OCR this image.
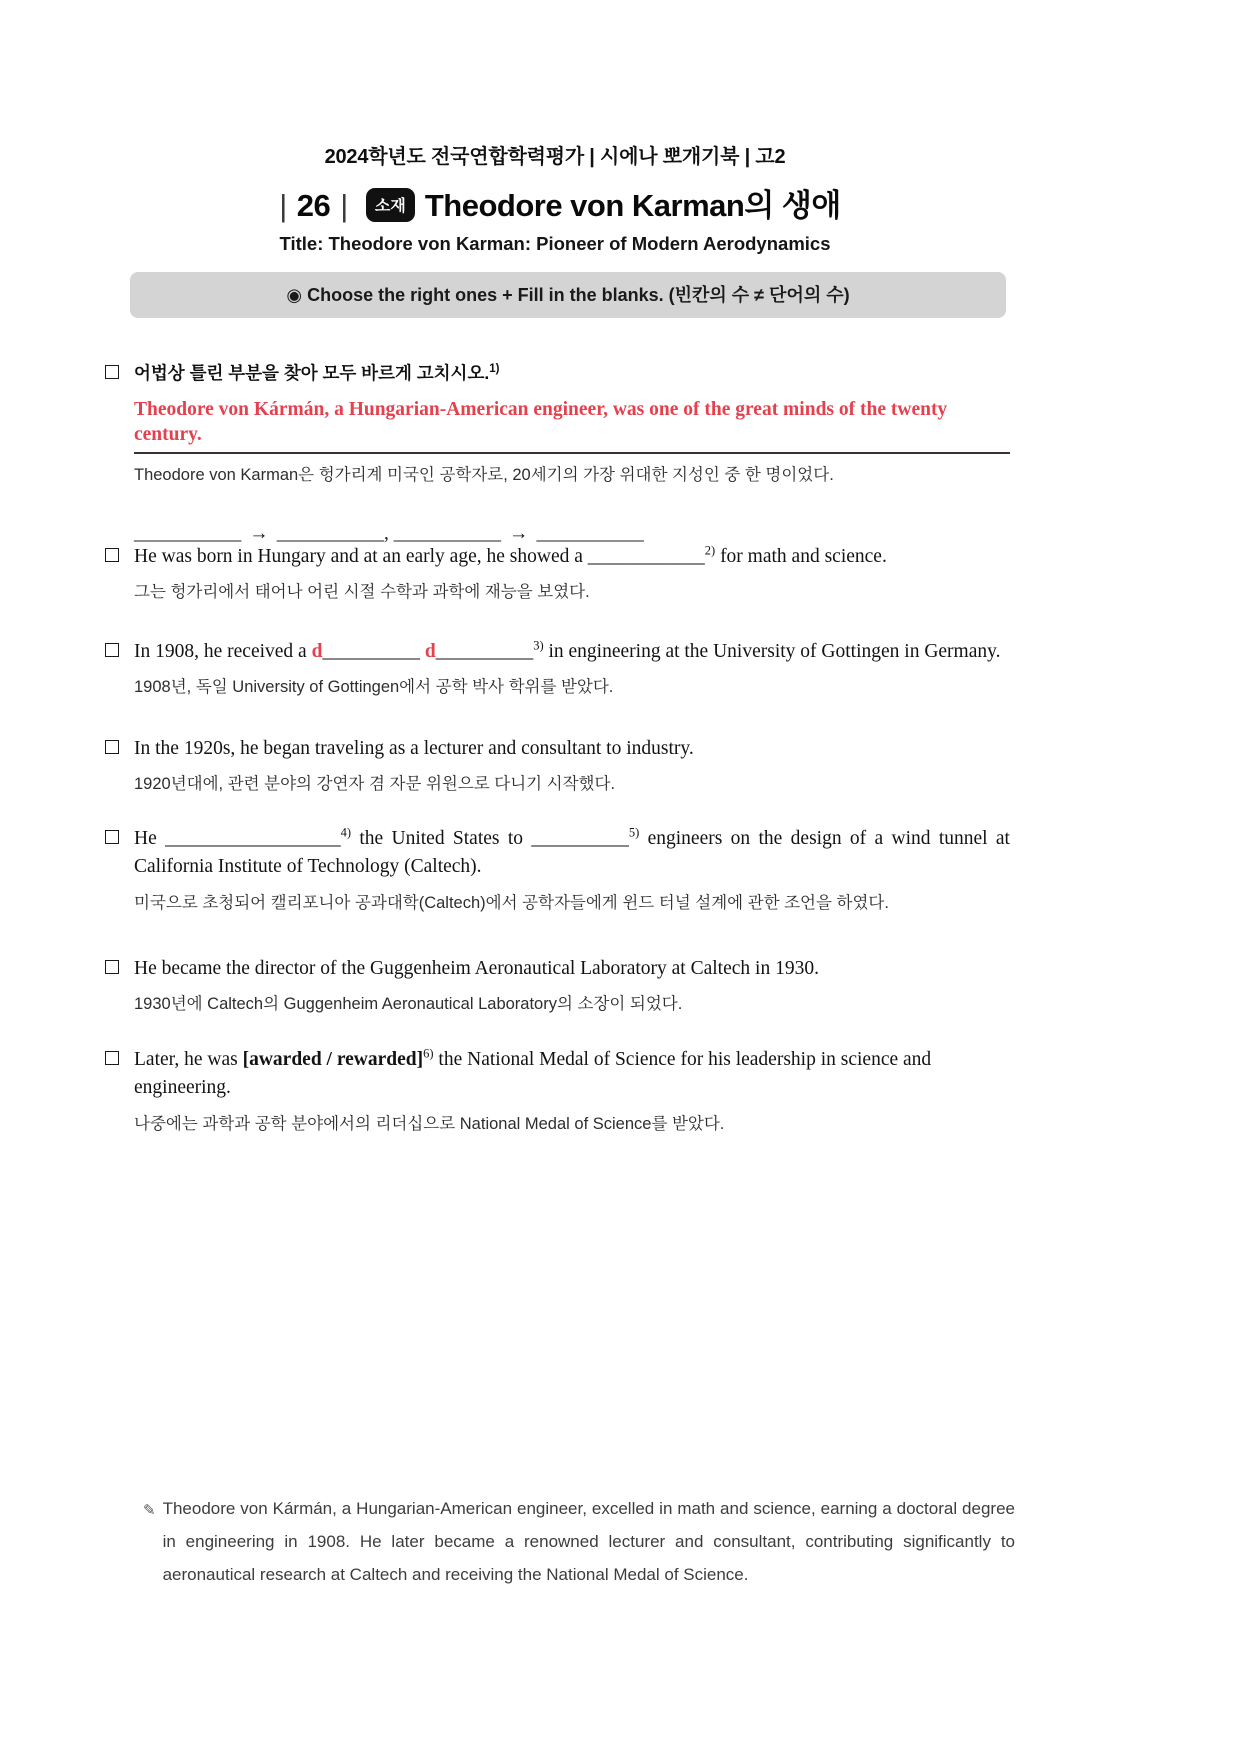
2024학년도 전국연합학력평가 | 시에나 뽀개기북 | 고2
| 26 | 소재 Theodore von Karman의 생애
Title: Theodore von Karman: Pioneer of Modern Aerodynamics
◉ Choose the right ones + Fill in the blanks. (빈칸의 수 ≠ 단어의 수)

어법상 틀린 부분을 찾아 모두 바르게 고치시오.$^{1)}$

Theodore von Kármán, a Hungarian-American engineer, was one of the great minds of the twenty century.

Theodore von Karman은 헝가리계 미국인 공학자로, 20세기의 가장 위대한 지성인 중 한 명이었다.

___________ → ___________, ___________ → ___________

He was born in Hungary and at an early age, he showed a ____________$^{2)}$ for math and science.

그는 헝가리에서 태어나 어린 시절 수학과 과학에 재능을 보였다.

In 1908, he received a d__________ d__________$^{3)}$ in engineering at the University of Gottingen in Germany.

1908년, 독일 University of Gottingen에서 공학 박사 학위를 받았다.

In the 1920s, he began traveling as a lecturer and consultant to industry.

1920년대에, 관련 분야의 강연자 겸 자문 위원으로 다니기 시작했다.

He __________________$^{4)}$ the United States to __________$^{5)}$ engineers on the design of a wind tunnel at California Institute of Technology (Caltech).

미국으로 초청되어 캘리포니아 공과대학(Caltech)에서 공학자들에게 윈드 터널 설계에 관한 조언을 하였다.

He became the director of the Guggenheim Aeronautical Laboratory at Caltech in 1930.

1930년에 Caltech의 Guggenheim Aeronautical Laboratory의 소장이 되었다.

Later, he was [awarded / rewarded]$^{6)}$ the National Medal of Science for his leadership in science and engineering.

나중에는 과학과 공학 분야에서의 리더십으로 National Medal of Science를 받았다.

✎ Theodore von Kármán, a Hungarian-American engineer, excelled in math and science, earning a doctoral degree in engineering in 1908. He later became a renowned lecturer and consultant, contributing significantly to aeronautical research at Caltech and receiving the National Medal of Science.
